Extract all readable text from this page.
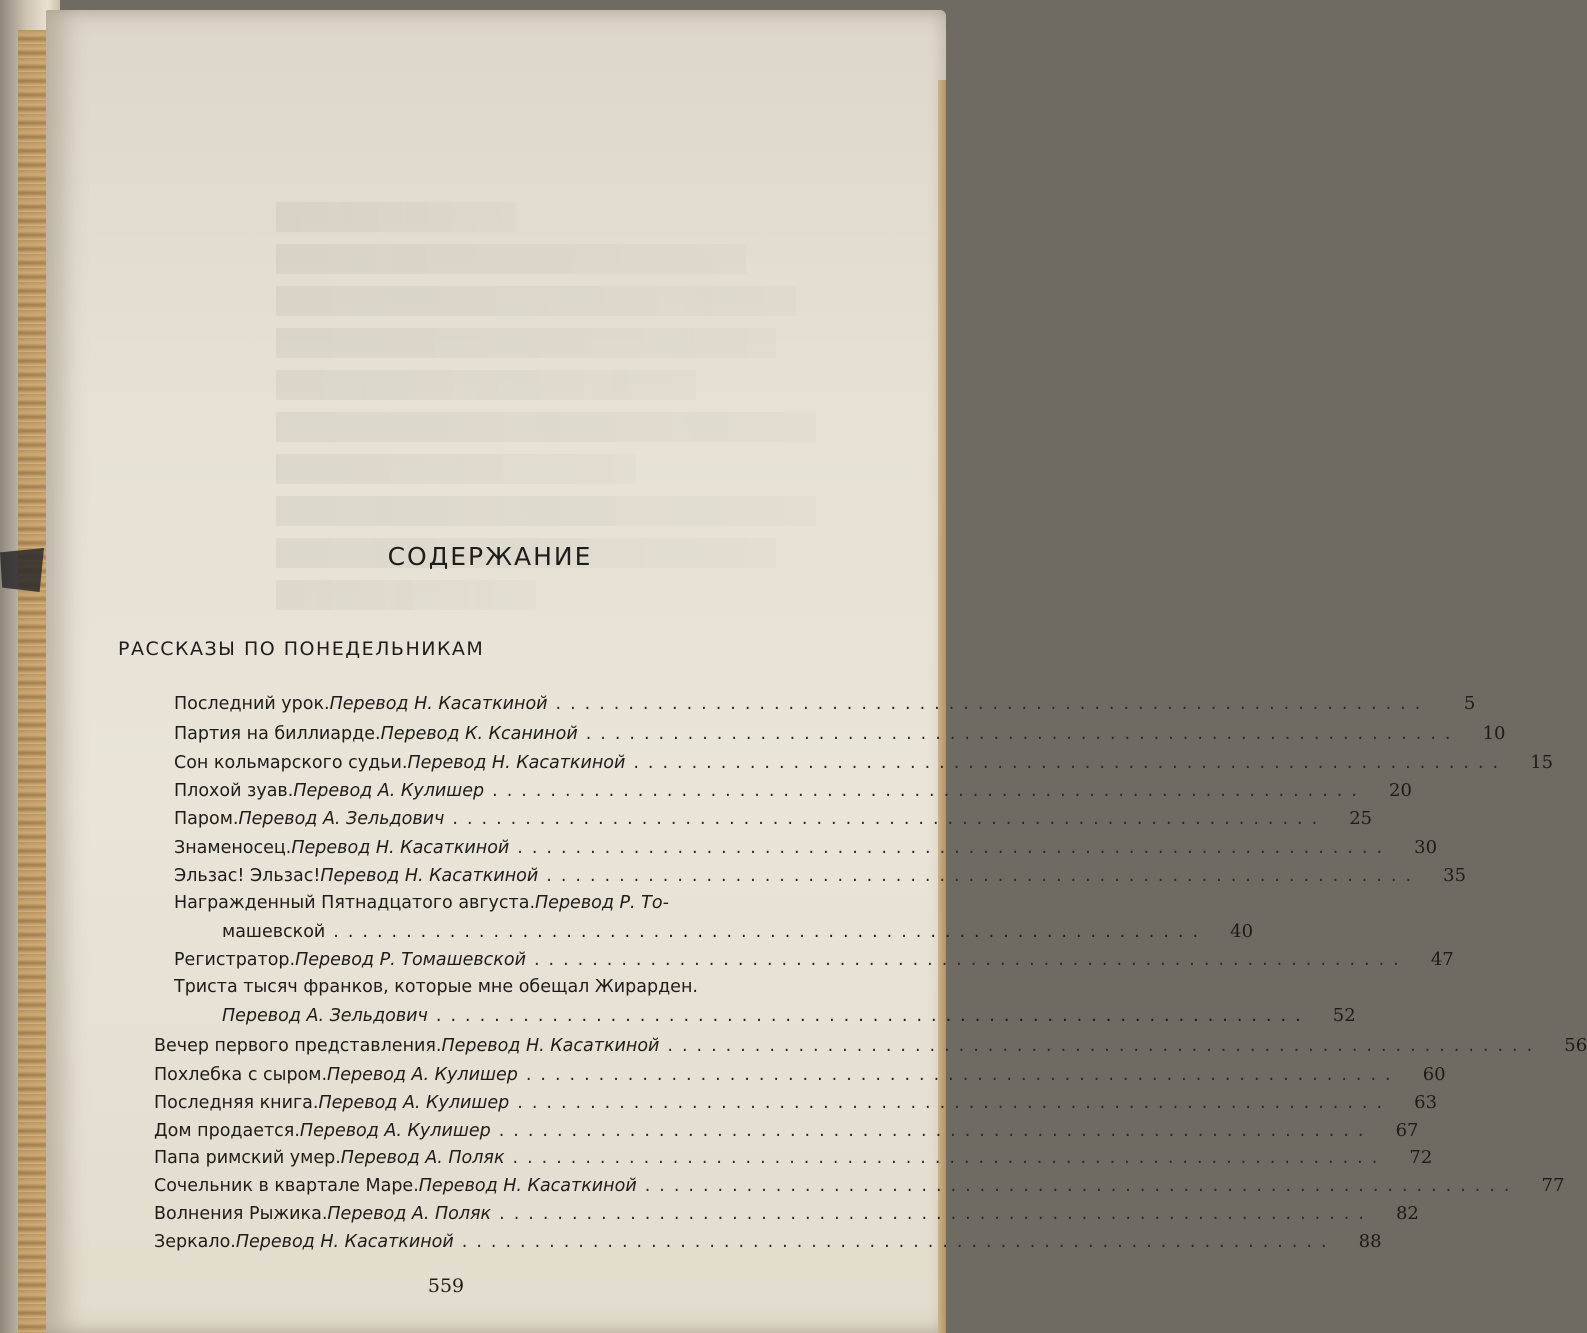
СОДЕРЖАНИЕ
РАССКАЗЫ ПО ПОНЕДЕЛЬНИКАМ
Последний урок. Перевод Н. Касаткиной ............................................................	5
Партия на биллиарде. Перевод К. Ксаниной ............................................................	10
Сон кольмарского судьи. Перевод Н. Касаткиной ............................................................	15
Плохой зуав. Перевод А. Кулишер ............................................................	20
Паром. Перевод А. Зельдович ............................................................	25
Знаменосец. Перевод Н. Касаткиной ............................................................	30
Эльзас! Эльзас! Перевод Н. Касаткиной ............................................................	35
Награжденный Пятнадцатого августа. Перевод Р. То-
машевской ............................................................	40
Регистратор. Перевод Р. Томашевской ............................................................	47
Триста тысяч франков, которые мне обещал Жирарден.
Перевод А. Зельдович ............................................................	52
Вечер первого представления. Перевод Н. Касаткиной ............................................................	56
Похлебка с сыром. Перевод А. Кулишер ............................................................	60
Последняя книга. Перевод А. Кулишер ............................................................	63
Дом продается. Перевод А. Кулишер ............................................................	67
Папа римский умер. Перевод А. Поляк ............................................................	72
Сочельник в квартале Маре. Перевод Н. Касаткиной ............................................................	77
Волнения Рыжика. Перевод А. Поляк ............................................................	82
Зеркало. Перевод Н. Касаткиной ............................................................	88
559
